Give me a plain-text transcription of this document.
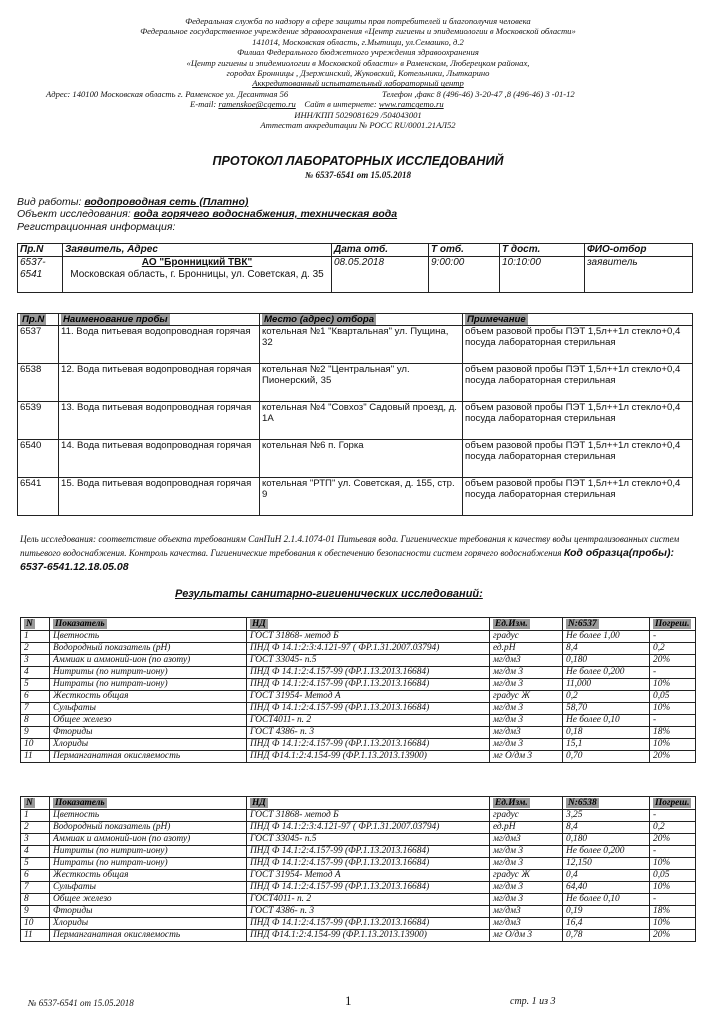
Федеральная служба по надзору в сфере защиты прав потребителей и благополучия человека
Федеральное государственное учреждение здравоохранения «Центр гигиены и эпидемиологии в Московской области»
141014, Московская область, г.Мытищи, ул.Семашко, д.2
Филиал Федерального бюджетного учреждения здравоохранения
«Центр гигиены и эпидемиологии в Московской области» в Раменском, Люберецком районах,
городах Бронницы , Дзержинский, Жуковский, Котельники, Лыткарино
Аккредитованный испытательный лабораторный центр
Адрес: 140100 Московская область г. Раменское ул. Десантная 56	Телефон ,факс 8 (496-46) 3-20-47 ,8 (496-46) 3 -01-12
E-mail: ramenskoe@cgemo.ru Сайт в интернете: www.ramcgemo.ru
ИНН/КПП 5029081629 /504043001
Аттестат аккредитации № РОСС RU/0001.21АЛ52
ПРОТОКОЛ ЛАБОРАТОРНЫХ ИССЛЕДОВАНИЙ
№ 6537-6541 от 15.05.2018
Вид работы: водопроводная сеть (Платно)
Объект исследования: вода горячего водоснабжения, техническая вода
Регистрационная информация:
Пр.N	Заявитель, Адрес	Дата отб.	Т отб.	Т дост.	ФИО-отбор
6537-6541	АО "Бронницкий ТВК"
Московская область, г. Бронницы, ул. Советская, д. 35	08.05.2018	9:00:00	10:10:00	заявитель
Пр.N	Наименование пробы	Место (адрес) отбора	Примечание
6537	11. Вода питьевая водопроводная горячая	котельная №1 "Квартальная" ул. Пущина, 32	объем разовой пробы ПЭТ 1,5л++1л стекло+0,4 посуда лабораторная стерильная
6538	12. Вода питьевая водопроводная горячая	котельная №2 "Центральная" ул. Пионерский, 35	объем разовой пробы ПЭТ 1,5л++1л стекло+0,4 посуда лабораторная стерильная
6539	13. Вода питьевая водопроводная горячая	котельная №4 "Совхоз" Садовый проезд, д. 1А	объем разовой пробы ПЭТ 1,5л++1л стекло+0,4 посуда лабораторная стерильная
6540	14. Вода питьевая водопроводная горячая	котельная №6 п. Горка	объем разовой пробы ПЭТ 1,5л++1л стекло+0,4 посуда лабораторная стерильная
6541	15. Вода питьевая водопроводная горячая	котельная "РТП" ул. Советская, д. 155, стр. 9	объем разовой пробы ПЭТ 1,5л++1л стекло+0,4 посуда лабораторная стерильная
Цель исследования: соответствие объекта требованиям СанПиН 2.1.4.1074-01 Питьевая вода. Гигиенические требования к качеству воды централизованных систем питьевого водоснабжения. Контроль качества. Гигиенические требования к обеспечению безопасности систем горячего водоснабжения Код образца(пробы): 6537-6541.12.18.05.08
Результаты санитарно-гигиенических исследований:
N	Показатель	НД	Ед.Изм.	N:6537	Погреш.
1	Цветность	ГОСТ 31868- метод Б	градус	Не более 1,00	-
2	Водородный показатель (рН)	ПНД Ф 14.1:2:3:4.121-97 ( ФР.1.31.2007.03794)	ед.рН	8,4	0,2
3	Аммиак и аммоний-ион (по азоту)	ГОСТ 33045- п.5	мг/дм3	0,180	20%
4	Нитриты (по нитрит-иону)	ПНД Ф 14.1:2:4.157-99 (ФР.1.13.2013.16684)	мг/дм 3	Не более 0,200	-
5	Нитраты (по нитрат-иону)	ПНД Ф 14.1:2:4.157-99 (ФР.1.13.2013.16684)	мг/дм 3	11,000	10%
6	Жесткость общая	ГОСТ 31954- Метод А	градус Ж	0,2	0,05
7	Сульфаты	ПНД Ф 14.1:2:4.157-99 (ФР.1.13.2013.16684)	мг/дм 3	58,70	10%
8	Общее железо	ГОСТ4011- п. 2	мг/дм 3	Не более 0,10	-
9	Фториды	ГОСТ 4386- п. 3	мг/дм3	0,18	18%
10	Хлориды	ПНД Ф 14.1:2:4.157-99 (ФР.1.13.2013.16684)	мг/дм 3	15,1	10%
11	Перманганатная окисляемость	ПНД Ф14.1:2:4.154-99 (ФР.1.13.2013.13900)	мг О/дм 3	0,70	20%
N	Показатель	НД	Ед.Изм.	N:6538	Погреш.
1	Цветность	ГОСТ 31868- метод Б	градус	3,25	-
2	Водородный показатель (рН)	ПНД Ф 14.1:2:3:4.121-97 ( ФР.1.31.2007.03794)	ед.рН	8,4	0,2
3	Аммиак и аммоний-ион (по азоту)	ГОСТ 33045- п.5	мг/дм3	0,180	20%
4	Нитриты (по нитрит-иону)	ПНД Ф 14.1:2:4.157-99 (ФР.1.13.2013.16684)	мг/дм 3	Не более 0,200	-
5	Нитраты (по нитрат-иону)	ПНД Ф 14.1:2:4.157-99 (ФР.1.13.2013.16684)	мг/дм 3	12,150	10%
6	Жесткость общая	ГОСТ 31954- Метод А	градус Ж	0,4	0,05
7	Сульфаты	ПНД Ф 14.1:2:4.157-99 (ФР.1.13.2013.16684)	мг/дм 3	64,40	10%
8	Общее железо	ГОСТ4011- п. 2	мг/дм 3	Не более 0,10	-
9	Фториды	ГОСТ 4386- п. 3	мг/дм3	0,19	18%
10	Хлориды	ПНД Ф 14.1:2:4.157-99 (ФР.1.13.2013.16684)	мг/дм3	16,4	10%
11	Перманганатная окисляемость	ПНД Ф14.1:2:4.154-99 (ФР.1.13.2013.13900)	мг О/дм 3	0,78	20%
№ 6537-6541 от 15.05.2018	1	стр. 1 из 3
